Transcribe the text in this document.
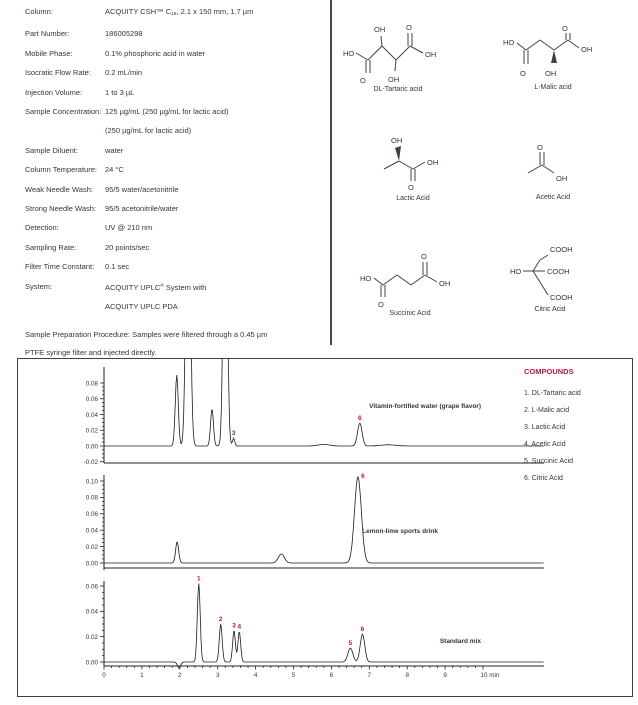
Column:	ACQUITY CSH™ $C_{18}$, 2.1 x 150 mm, 1.7 µm
Part Number:	186005298
Mobile Phase:	0.1% phosphoric acid in water
Isocratic Flow Rate:	0.2 mL/min
Injection Volume:	1 to 3 µL
Sample Concentration: 125 µg/mL (250 µg/mL for lactic acid)
(250 µg/mL for lactic acid)
Sample Diluent:	water
Column Temperature:	24 °C
Weak Needle Wash:	95/5 water/acetonitrile
Strong Needle Wash:	95/5 acetonitrile/water
Detection:	UV @ 210 nm
Sampling Rate:	20 points/sec
Filter Time Constant:	0.1 sec
System:	ACQUITY UPLC® System with
ACQUITY UPLC PDA
Sample Preparation Procedure: Samples were filtered through a 0.45 µm
PTFE syringe filter and injected directly.
HO
O
OH
OH
O
OH
DL-Tartaric acid
HO
O	OH
O
OH
L-Malic acid
OH
O
OH
Lactic Acid
O
OH
Acetic Acid
HO
O
O
OH
Succinic Acid
HO
COOH
COOH
COOH
Citric Acid
-0.02
0.00
0.02
0.04
0.06
0.08
3
6
0.00
0.02
0.04
0.06
0.08
0.10
6
0.00
0.02
0.04
0.06
0	1	2	3	4	5	6	7	8	9	10 min
1
2
3 4
5
6
Vitamin-fortified water (grape flavor)
Lemon-lime sports drink
Standard mix
COMPOUNDS
1. DL-Tartaric acid
2. L-Malic acid
3. Lactic Acid
4. Acetic Acid
5. Succinic Acid
6. Citric Acid
